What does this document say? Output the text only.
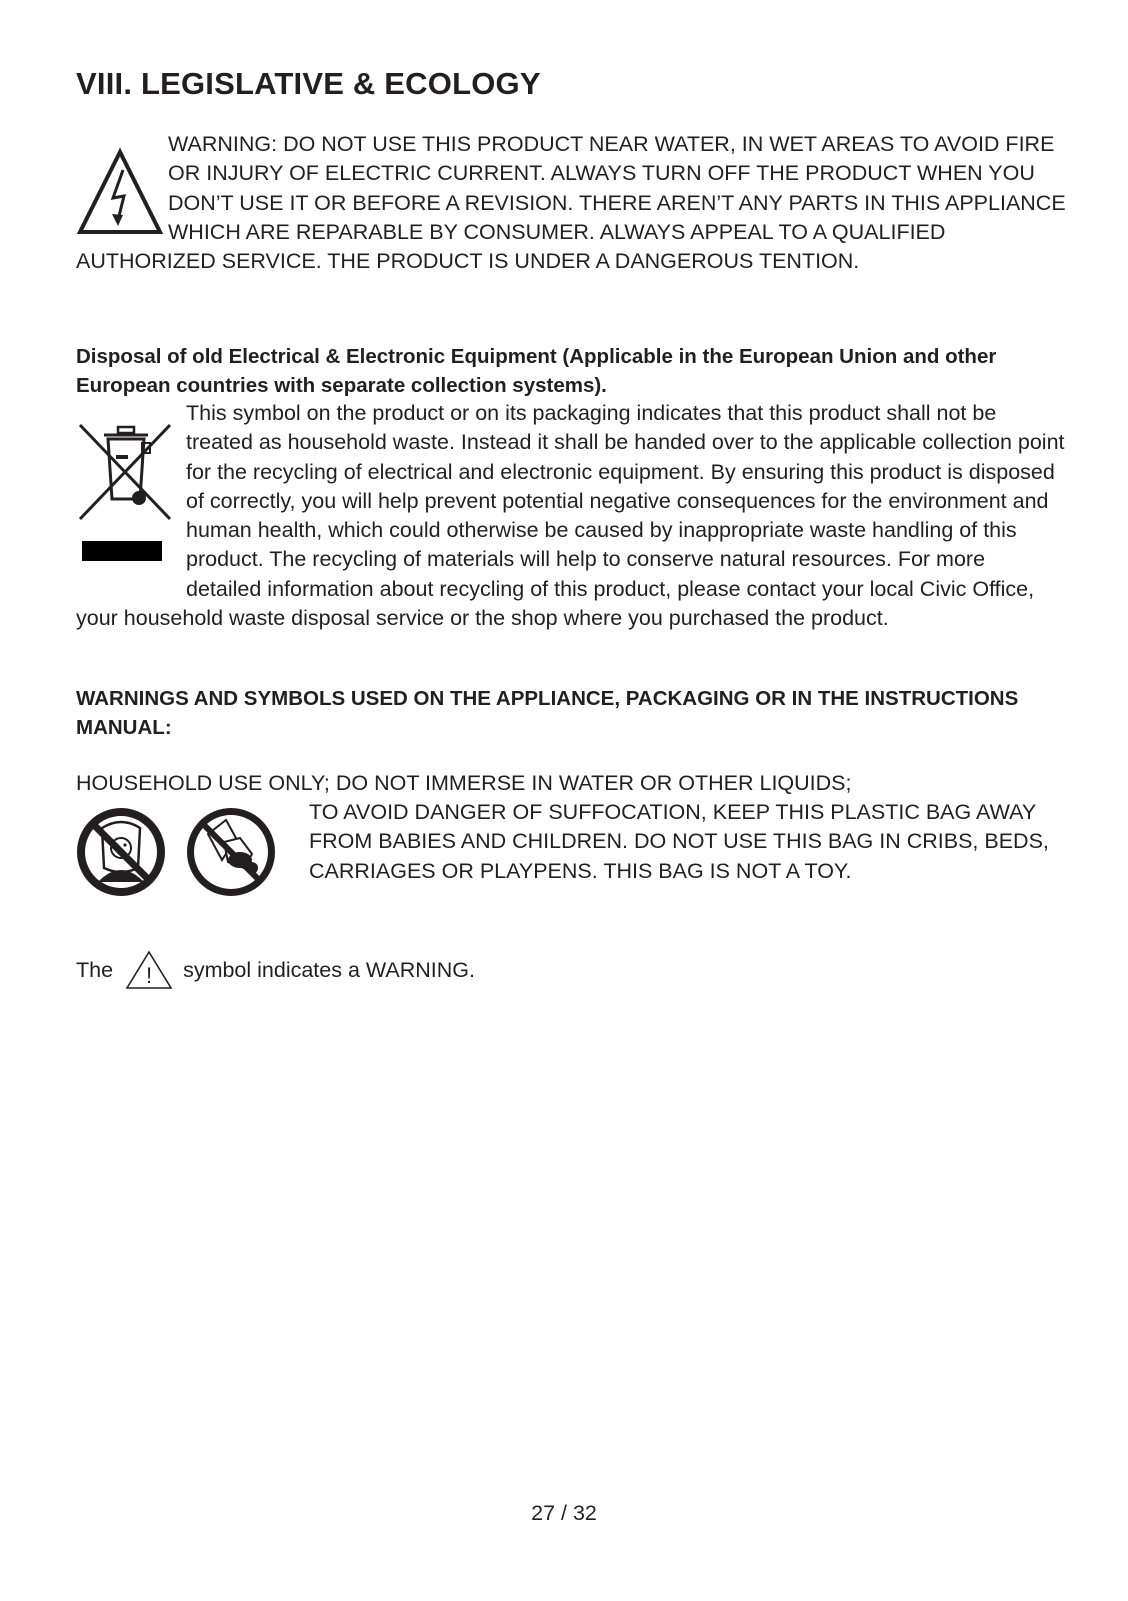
VIII. LEGISLATIVE & ECOLOGY
WARNING: DO NOT USE THIS PRODUCT NEAR WATER, IN WET AREAS TO AVOID FIRE OR INJURY OF ELECTRIC CURRENT. ALWAYS TURN OFF THE PRODUCT WHEN YOU DON’T USE IT OR BEFORE A REVISION. THERE AREN’T ANY PARTS IN THIS APPLIANCE WHICH ARE REPARABLE BY CONSUMER. ALWAYS APPEAL TO A QUALIFIED AUTHORIZED SERVICE. THE PRODUCT IS UNDER A DANGEROUS TENTION.

Disposal of old Electrical & Electronic Equipment (Applicable in the European Union and other European countries with separate collection systems).

This symbol on the product or on its packaging indicates that this product shall not be treated as household waste. Instead it shall be handed over to the applicable collection point for the recycling of electrical and electronic equipment. By ensuring this product is disposed of correctly, you will help prevent potential negative consequences for the environment and human health, which could otherwise be caused by inappropriate waste handling of this product. The recycling of materials will help to conserve natural resources. For more detailed information about recycling of this product, please contact your local Civic Office, your household waste disposal service or the shop where you purchased the product.

WARNINGS AND SYMBOLS USED ON THE APPLIANCE, PACKAGING OR IN THE INSTRUCTIONS MANUAL:

HOUSEHOLD USE ONLY; DO NOT IMMERSE IN WATER OR OTHER LIQUIDS;

TO AVOID DANGER OF SUFFOCATION, KEEP THIS PLASTIC BAG AWAY FROM BABIES AND CHILDREN. DO NOT USE THIS BAG IN CRIBS, BEDS, CARRIAGES OR PLAYPENS. THIS BAG IS NOT A TOY.
The ! symbol indicates a WARNING.
27 / 32
